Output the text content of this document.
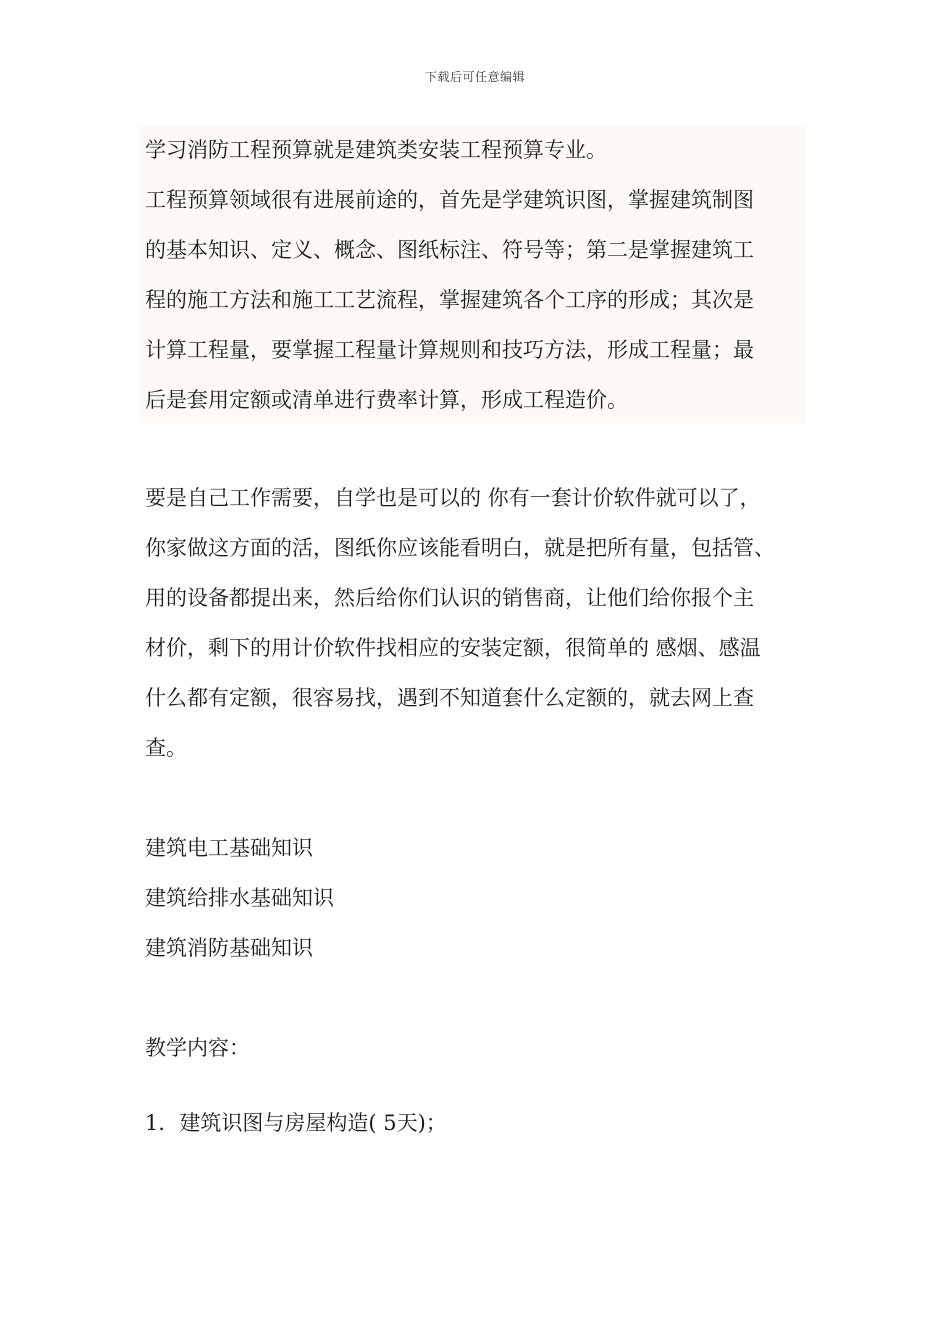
下载后可任意编辑
学习消防工程预算就是建筑类安装工程预算专业。
工程预算领域很有进展前途的，首先是学建筑识图，掌握建筑制图
的基本知识、定义、概念、图纸标注、符号等；第二是掌握建筑工
程的施工方法和施工工艺流程，掌握建筑各个工序的形成；其次是
计算工程量，要掌握工程量计算规则和技巧方法，形成工程量；最
后是套用定额或清单进行费率计算，形成工程造价。
要是自己工作需要，自学也是可以的 你有一套计价软件就可以了，
你家做这方面的活，图纸你应该能看明白，就是把所有量，包括管、
用的设备都提出来，然后给你们认识的销售商，让他们给你报个主
材价，剩下的用计价软件找相应的安装定额，很简单的 感烟、感温
什么都有定额，很容易找，遇到不知道套什么定额的，就去网上查
查。
建筑电工基础知识
建筑给排水基础知识
建筑消防基础知识
教学内容：
1．建筑识图与房屋构造( 5天)；
